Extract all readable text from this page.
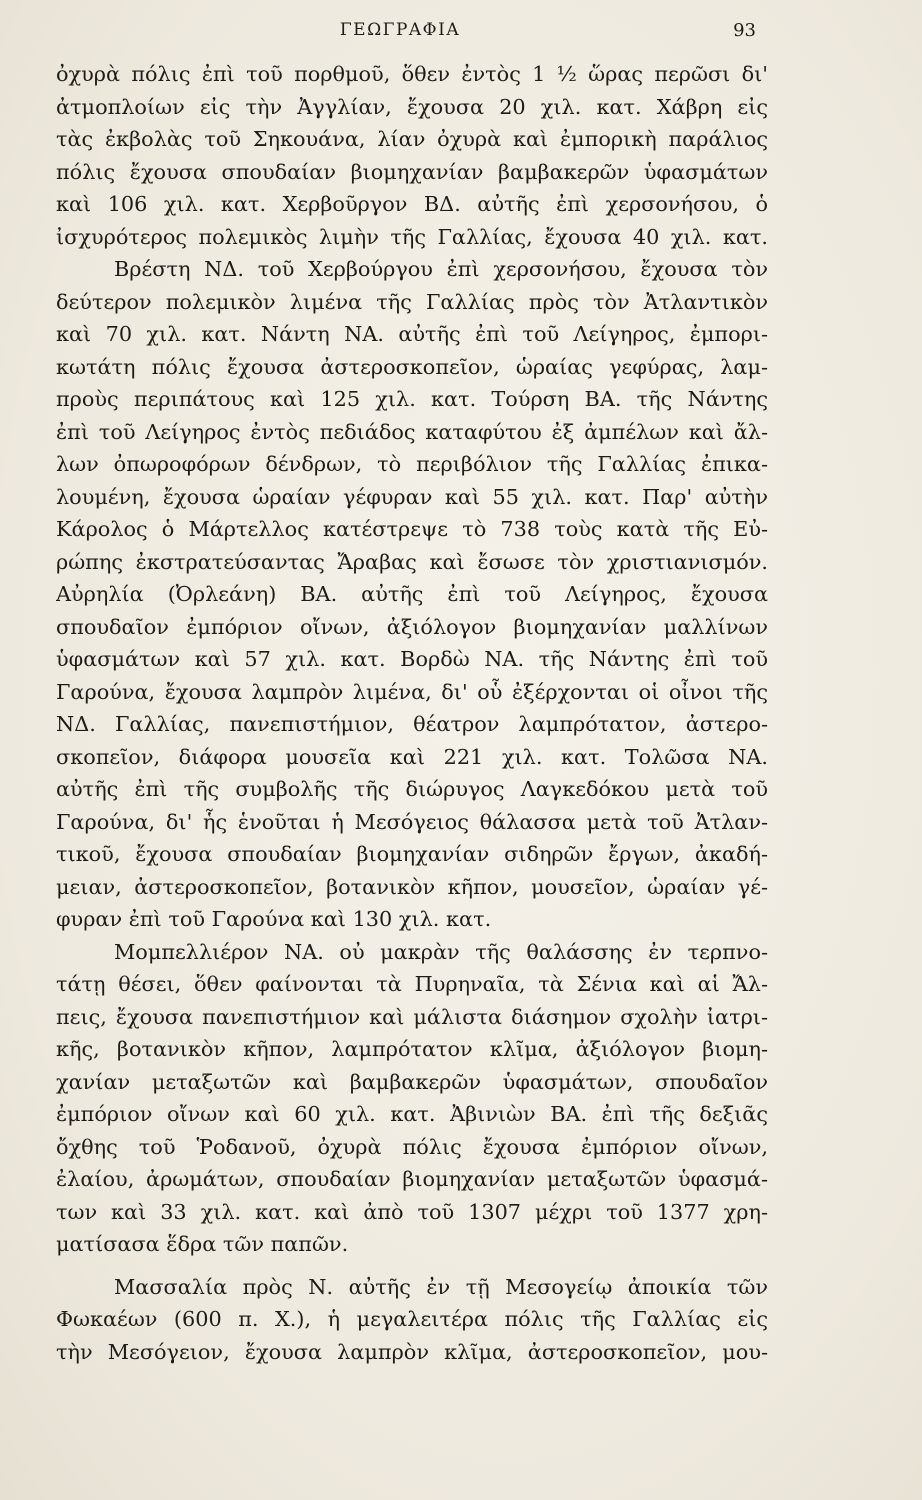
ΓΕΩΓΡΑΦΙΑ	93
ὀχυρὰ πόλις ἐπὶ τοῦ πορθμοῦ, ὅθεν ἐντὸς 1 ½ ὥρας περῶσι δι'
ἀτμοπλοίων εἰς τὴν Ἀγγλίαν, ἔχουσα 20 χιλ. κατ. Χάβρη εἰς
τὰς ἐκβολὰς τοῦ Σηκουάνα, λίαν ὀχυρὰ καὶ ἐμπορικὴ παράλιος
πόλις ἔχουσα σπουδαίαν βιομηχανίαν βαμβακερῶν ὑφασμάτων
καὶ 106 χιλ. κατ. Χερβοῦργον ΒΔ. αὐτῆς ἐπὶ χερσονήσου, ὁ
ἰσχυρότερος πολεμικὸς λιμὴν τῆς Γαλλίας, ἔχουσα 40 χιλ. κατ.
Βρέστη ΝΔ. τοῦ Χερβούργου ἐπὶ χερσονήσου, ἔχουσα τὸν
δεύτερον πολεμικὸν λιμένα τῆς Γαλλίας πρὸς τὸν Ἀτλαντικὸν
καὶ 70 χιλ. κατ. Νάντη ΝΑ. αὐτῆς ἐπὶ τοῦ Λείγηρος, ἐμπορι-
κωτάτη πόλις ἔχουσα ἀστεροσκοπεῖον, ὡραίας γεφύρας, λαμ-
προὺς περιπάτους καὶ 125 χιλ. κατ. Τούρση ΒΑ. τῆς Νάντης
ἐπὶ τοῦ Λείγηρος ἐντὸς πεδιάδος καταφύτου ἐξ ἀμπέλων καὶ ἄλ-
λων ὀπωροφόρων δένδρων, τὸ περιβόλιον τῆς Γαλλίας ἐπικα-
λουμένη, ἔχουσα ὡραίαν γέφυραν καὶ 55 χιλ. κατ. Παρ' αὐτὴν
Κάρολος ὁ Μάρτελλος κατέστρεψε τὸ 738 τοὺς κατὰ τῆς Εὐ-
ρώπης ἐκστρατεύσαντας Ἄραβας καὶ ἔσωσε τὸν χριστιανισμόν.
Αὐρηλία (Ὀρλεάνη) ΒΑ. αὐτῆς ἐπὶ τοῦ Λείγηρος, ἔχουσα
σπουδαῖον ἐμπόριον οἴνων, ἀξιόλογον βιομηχανίαν μαλλίνων
ὑφασμάτων καὶ 57 χιλ. κατ. Βορδὼ ΝΑ. τῆς Νάντης ἐπὶ τοῦ
Γαρούνα, ἔχουσα λαμπρὸν λιμένα, δι' οὗ ἐξέρχονται οἱ οἶνοι τῆς
ΝΔ. Γαλλίας, πανεπιστήμιον, θέατρον λαμπρότατον, ἀστερο-
σκοπεῖον, διάφορα μουσεῖα καὶ 221 χιλ. κατ. Τολῶσα ΝΑ.
αὐτῆς ἐπὶ τῆς συμβολῆς τῆς διώρυγος Λαγκεδόκου μετὰ τοῦ
Γαρούνα, δι' ἧς ἑνοῦται ἡ Μεσόγειος θάλασσα μετὰ τοῦ Ἀτλαν-
τικοῦ, ἔχουσα σπουδαίαν βιομηχανίαν σιδηρῶν ἔργων, ἀκαδή-
μειαν, ἀστεροσκοπεῖον, βοτανικὸν κῆπον, μουσεῖον, ὡραίαν γέ-
φυραν ἐπὶ τοῦ Γαρούνα καὶ 130 χιλ. κατ.
Μομπελλιέρον ΝΑ. οὐ μακρὰν τῆς θαλάσσης ἐν τερπνο-
τάτῃ θέσει, ὅθεν φαίνονται τὰ Πυρηναῖα, τὰ Σένια καὶ αἱ Ἄλ-
πεις, ἔχουσα πανεπιστήμιον καὶ μάλιστα διάσημον σχολὴν ἰατρι-
κῆς, βοτανικὸν κῆπον, λαμπρότατον κλῖμα, ἀξιόλογον βιομη-
χανίαν μεταξωτῶν καὶ βαμβακερῶν ὑφασμάτων, σπουδαῖον
ἐμπόριον οἴνων καὶ 60 χιλ. κατ. Ἀβινιὼν ΒΑ. ἐπὶ τῆς δεξιᾶς
ὄχθης τοῦ Ῥοδανοῦ, ὀχυρὰ πόλις ἔχουσα ἐμπόριον οἴνων,
ἐλαίου, ἀρωμάτων, σπουδαίαν βιομηχανίαν μεταξωτῶν ὑφασμά-
των καὶ 33 χιλ. κατ. καὶ ἀπὸ τοῦ 1307 μέχρι τοῦ 1377 χρη-
ματίσασα ἕδρα τῶν παπῶν.
Μασσαλία πρὸς Ν. αὐτῆς ἐν τῇ Μεσογείῳ ἀποικία τῶν
Φωκαέων (600 π. Χ.), ἡ μεγαλειτέρα πόλις τῆς Γαλλίας εἰς
τὴν Μεσόγειον, ἔχουσα λαμπρὸν κλῖμα, ἀστεροσκοπεῖον, μου-
